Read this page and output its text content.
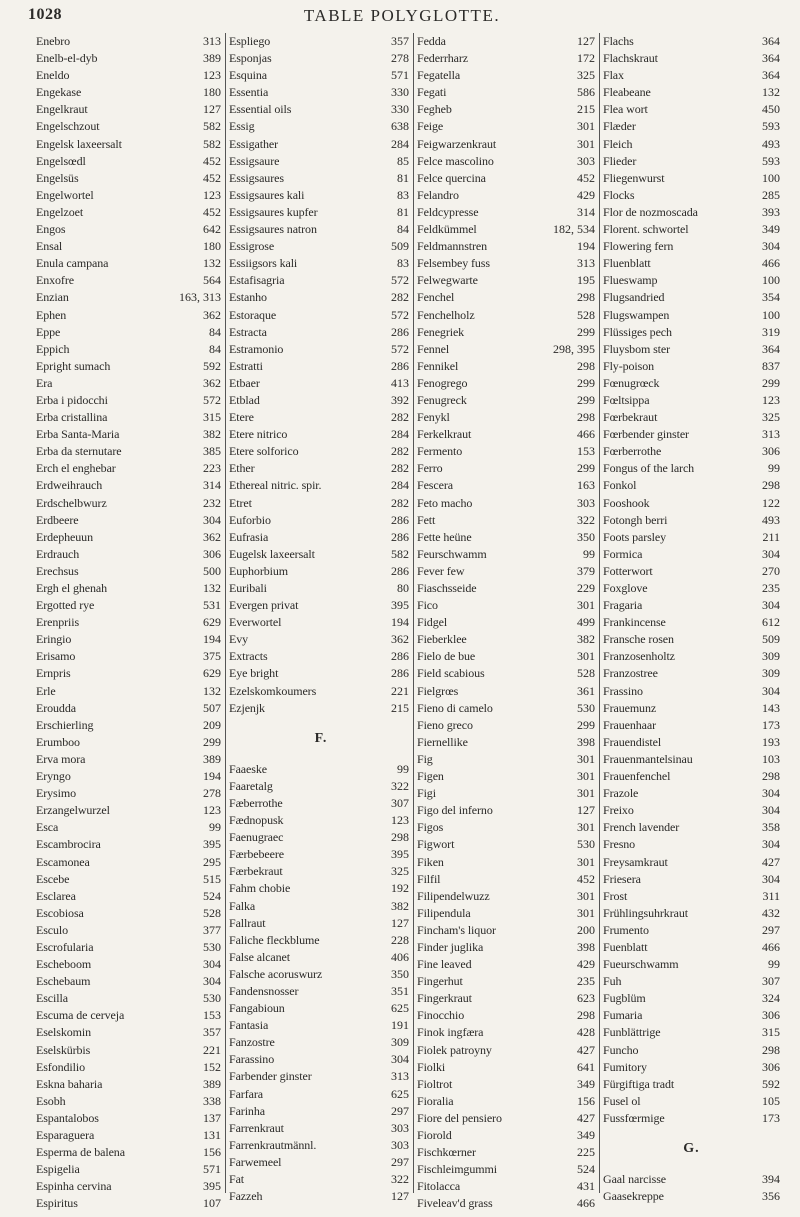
1028	TABLE POLYGLOTTE.
Enebro	313
Enelb-el-dyb	389
Eneldo	123
Engekase	180
Engelkraut	127
Engelschzout	582
Engelsk laxeersalt	582
Engelsœdl	452
Engelsüs	452
Engelwortel	123
Engelzoet	452
Engos	642
Ensal	180
Enula campana	132
Enxofre	564
Enzian	163, 313
Ephen	362
Eppe	84
Eppich	84
Epright sumach	592
Era	362
Erba i pidocchi	572
Erba cristallina	315
Erba Santa-Maria	382
Erba da sternutare	385
Erch el enghebar	223
Erdweihrauch	314
Erdschelbwurz	232
Erdbeere	304
Erdepheuun	362
Erdrauch	306
Erechsus	500
Ergh el ghenah	132
Ergotted rye	531
Erenpriis	629
Eringio	194
Erisamo	375
Ernpris	629
Erle	132
Eroudda	507
Erschierling	209
Erumboo	299
Erva mora	389
Eryngo	194
Erysimo	278
Erzangelwurzel	123
Esca	99
Escambrocira	395
Escamonea	295
Escebe	515
Esclarea	524
Escobiosa	528
Esculo	377
Escrofularia	530
Escheboom	304
Eschebaum	304
Escilla	530
Escuma de cerveja	153
Eselskomin	357
Eselskürbis	221
Esfondilio	152
Eskna baharia	389
Esobh	338
Espantalobos	137
Esparaguera	131
Esperma de balena	156
Espigelia	571
Espinha cervina	395
Espiritus	107
Espliego	357
Esponjas	278
Esquina	571
Essentia	330
Essential oils	330
Essig	638
Essigather	284
Essigsaure	85
Essigsaures	81
Essigsaures kali	83
Essigsaures kupfer	81
Essigsaures natron	84
Essigrose	509
Essiigsors kali	83
Estafisagria	572
Estanho	282
Estoraque	572
Estracta	286
Estramonio	572
Estratti	286
Etbaer	413
Etblad	392
Etere	282
Etere nitrico	284
Etere solforico	282
Ether	282
Ethereal nitric. spir.	284
Etret	282
Euforbio	286
Eufrasia	286
Eugelsk laxeersalt	582
Euphorbium	286
Euribali	80
Evergen privat	395
Everwortel	194
Evy	362
Extracts	286
Eye bright	286
Ezelskomkoumers	221
Ezjenjk	215
F.
Faaeske	99
Faaretalg	322
Fæberrothe	307
Fædnopusk	123
Faenugraec	298
Færbebeere	395
Færbekraut	325
Fahm chobie	192
Falka	382
Fallraut	127
Faliche fleckblume	228
False alcanet	406
Falsche acoruswurz	350
Fandensnosser	351
Fangabioun	625
Fantasia	191
Fanzostre	309
Farassino	304
Farbender ginster	313
Farfara	625
Farinha	297
Farrenkraut	303
Farrenkrautmännl.	303
Farwemeel	297
Fat	322
Fazzeh	127
Fedda	127
Federrharz	172
Fegatella	325
Fegati	586
Fegheb	215
Feige	301
Feigwarzenkraut	301
Felce mascolino	303
Felce quercina	452
Felandro	429
Feldcypresse	314
Feldkümmel	182, 534
Feldmannstren	194
Felsembey fuss	313
Felwegwarte	195
Fenchel	298
Fenchelholz	528
Fenegriek	299
Fennel	298, 395
Fennikel	298
Fenogrego	299
Fenugreck	299
Fenykl	298
Ferkelkraut	466
Fermento	153
Ferro	299
Fescera	163
Feto macho	303
Fett	322
Fette heüne	350
Feurschwamm	99
Fever few	379
Fiaschsseide	229
Fico	301
Fidgel	499
Fieberklee	382
Fielo de bue	301
Field scabious	528
Fielgrœs	361
Fieno di camelo	530
Fieno greco	299
Fiernellike	398
Fig	301
Figen	301
Figi	301
Figo del inferno	127
Figos	301
Figwort	530
Fiken	301
Filfil	452
Filipendelwuzz	301
Filipendula	301
Fincham's liquor	200
Finder juglika	398
Fine leaved	429
Fingerhut	235
Fingerkraut	623
Finocchio	298
Finok ingfæra	428
Fiolek patroyny	427
Fiolki	641
Fioltrot	349
Fioralia	156
Fiore del pensiero	427
Fiorold	349
Fischkœrner	225
Fischleimgummi	524
Fitolacca	431
Fiveleav'd grass	466
Flachs	364
Flachskraut	364
Flax	364
Fleabeane	132
Flea wort	450
Flæder	593
Fleich	493
Flieder	593
Fliegenwurst	100
Flocks	285
Flor de nozmoscada	393
Florent. schwortel	349
Flowering fern	304
Fluenblatt	466
Flueswamp	100
Flugsandried	354
Flugswampen	100
Flüssiges pech	319
Fluysbom ster	364
Fly-poison	837
Fœnugrœck	299
Fœltsippa	123
Fœrbekraut	325
Fœrbender ginster	313
Fœrberrothe	306
Fongus of the larch	99
Fonkol	298
Fooshook	122
Fotongh berri	493
Foots parsley	211
Formica	304
Fotterwort	270
Foxglove	235
Fragaria	304
Frankincense	612
Fransche rosen	509
Franzosenholtz	309
Franzostree	309
Frassino	304
Frauemunz	143
Frauenhaar	173
Frauendistel	193
Frauenmantelsinau	103
Frauenfenchel	298
Frazole	304
Freixo	304
French lavender	358
Fresno	304
Freysamkraut	427
Friesera	304
Frost	311
Frühlingsuhrkraut	432
Frumento	297
Fuenblatt	466
Fueurschwamm	99
Fuh	307
Fugblüm	324
Fumaria	306
Funblättrige	315
Funcho	298
Fumitory	306
Fürgiftiga tradt	592
Fusel ol	105
Fussfœrmige	173
G.
Gaal narcisse	394
Gaasekreppe	356
